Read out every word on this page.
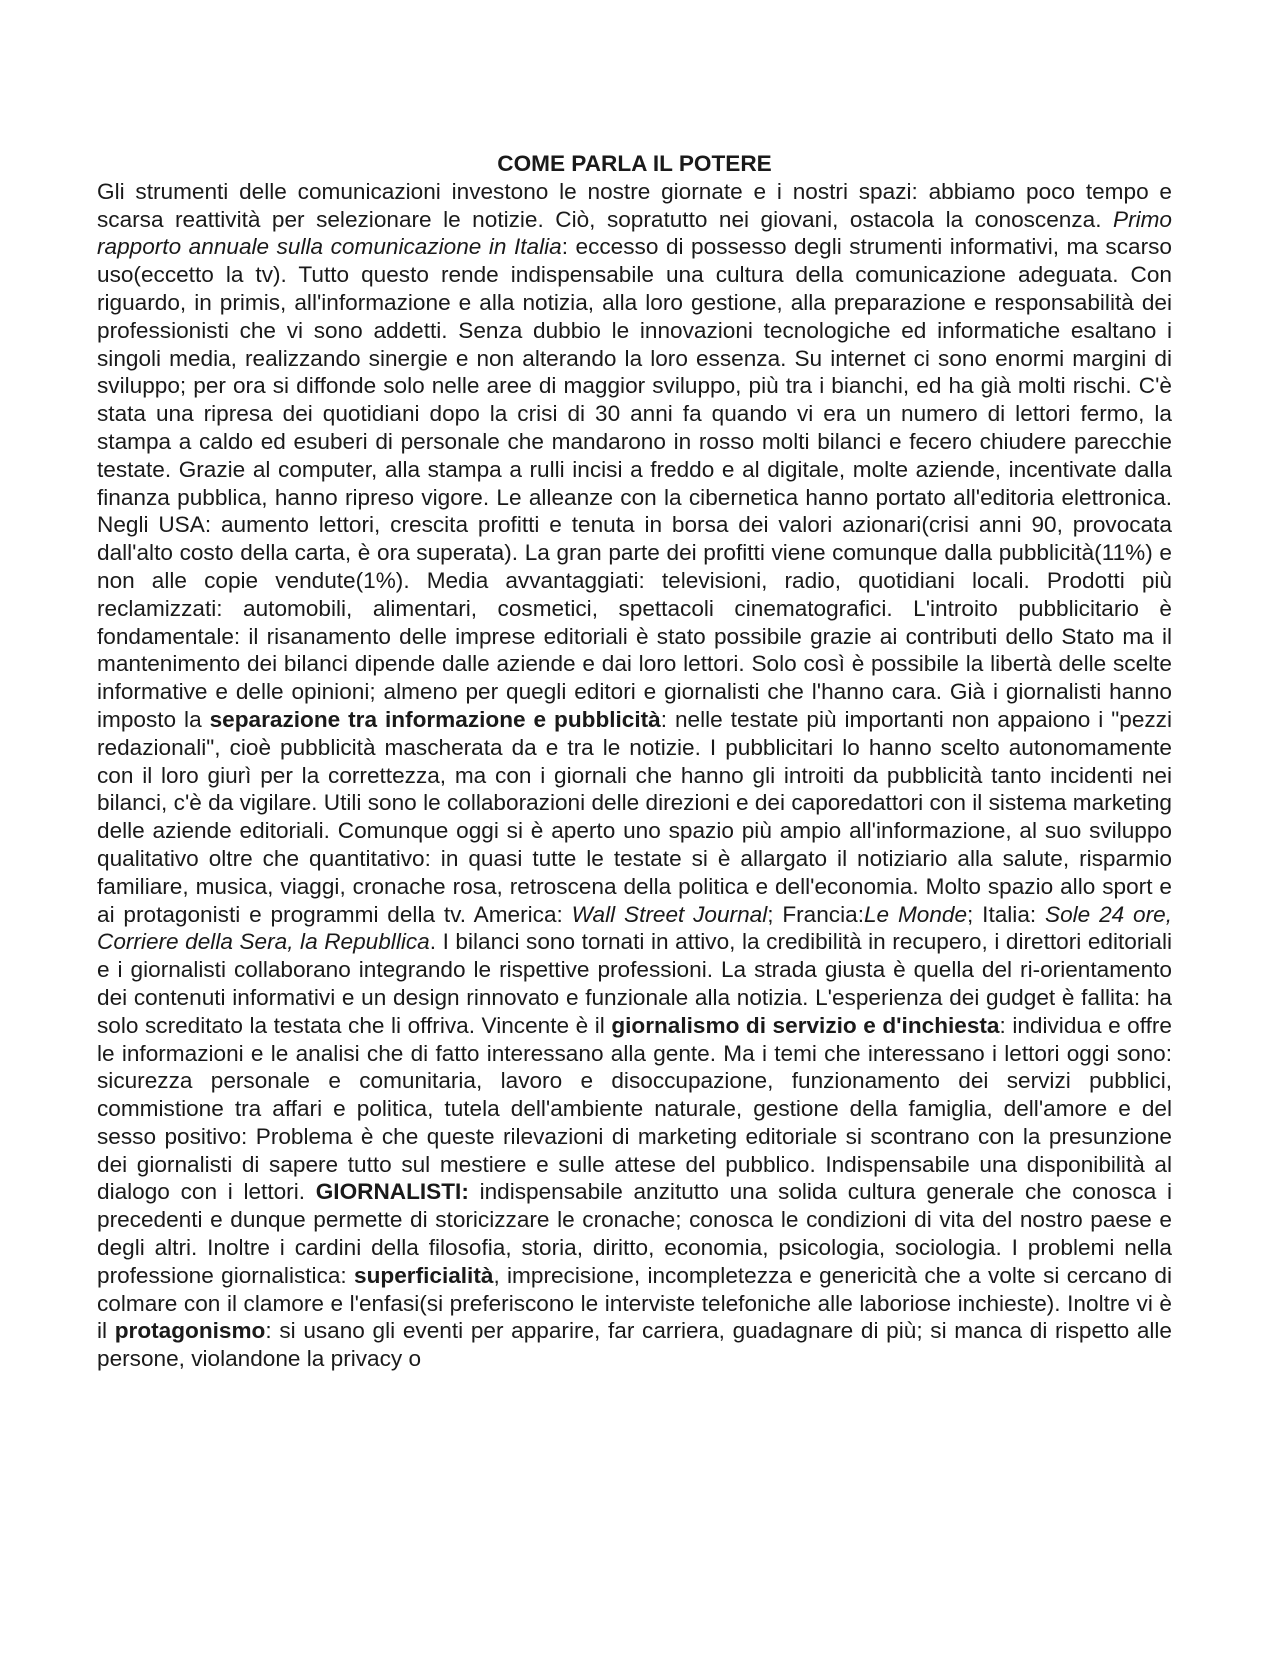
COME PARLA IL POTERE

Gli strumenti delle comunicazioni investono le nostre giornate e i nostri spazi: abbiamo poco tempo e scarsa reattività per selezionare le notizie. Ciò, sopratutto nei giovani, ostacola la conoscenza. Primo rapporto annuale sulla comunicazione in Italia: eccesso di possesso degli strumenti informativi, ma scarso uso(eccetto la tv). Tutto questo rende indispensabile una cultura della comunicazione adeguata. Con riguardo, in primis, all'informazione e alla notizia, alla loro gestione, alla preparazione e responsabilità dei professionisti che vi sono addetti. Senza dubbio le innovazioni tecnologiche ed informatiche esaltano i singoli media, realizzando sinergie e non alterando la loro essenza. Su internet ci sono enormi margini di sviluppo; per ora si diffonde solo nelle aree di maggior sviluppo, più tra i bianchi, ed ha già molti rischi. C'è stata una ripresa dei quotidiani dopo la crisi di 30 anni fa quando vi era un numero di lettori fermo, la stampa a caldo ed esuberi di personale che mandarono in rosso molti bilanci e fecero chiudere parecchie testate. Grazie al computer, alla stampa a rulli incisi a freddo e al digitale, molte aziende, incentivate dalla finanza pubblica, hanno ripreso vigore. Le alleanze con la cibernetica hanno portato all'editoria elettronica. Negli USA: aumento lettori, crescita profitti e tenuta in borsa dei valori azionari(crisi anni 90, provocata dall'alto costo della carta, è ora superata). La gran parte dei profitti viene comunque dalla pubblicità(11%) e non alle copie vendute(1%). Media avvantaggiati: televisioni, radio, quotidiani locali. Prodotti più reclamizzati: automobili, alimentari, cosmetici, spettacoli cinematografici. L'introito pubblicitario è fondamentale: il risanamento delle imprese editoriali è stato possibile grazie ai contributi dello Stato ma il mantenimento dei bilanci dipende dalle aziende e dai loro lettori. Solo così è possibile la libertà delle scelte informative e delle opinioni; almeno per quegli editori e giornalisti che l'hanno cara. Già i giornalisti hanno imposto la separazione tra informazione e pubblicità: nelle testate più importanti non appaiono i "pezzi redazionali", cioè pubblicità mascherata da e tra le notizie. I pubblicitari lo hanno scelto autonomamente con il loro giurì per la correttezza, ma con i giornali che hanno gli introiti da pubblicità tanto incidenti nei bilanci, c'è da vigilare. Utili sono le collaborazioni delle direzioni e dei caporedattori con il sistema marketing delle aziende editoriali. Comunque oggi si è aperto uno spazio più ampio all'informazione, al suo sviluppo qualitativo oltre che quantitativo: in quasi tutte le testate si è allargato il notiziario alla salute, risparmio familiare, musica, viaggi, cronache rosa, retroscena della politica e dell'economia. Molto spazio allo sport e ai protagonisti e programmi della tv. America: Wall Street Journal; Francia:Le Monde; Italia: Sole 24 ore, Corriere della Sera, la Republlica. I bilanci sono tornati in attivo, la credibilità in recupero, i direttori editoriali e i giornalisti collaborano integrando le rispettive professioni. La strada giusta è quella del ri-orientamento dei contenuti informativi e un design rinnovato e funzionale alla notizia. L'esperienza dei gudget è fallita: ha solo screditato la testata che li offriva. Vincente è il giornalismo di servizio e d'inchiesta: individua e offre le informazioni e le analisi che di fatto interessano alla gente. Ma i temi che interessano i lettori oggi sono: sicurezza personale e comunitaria, lavoro e disoccupazione, funzionamento dei servizi pubblici, commistione tra affari e politica, tutela dell'ambiente naturale, gestione della famiglia, dell'amore e del sesso positivo: Problema è che queste rilevazioni di marketing editoriale si scontrano con la presunzione dei giornalisti di sapere tutto sul mestiere e sulle attese del pubblico. Indispensabile una disponibilità al dialogo con i lettori. GIORNALISTI: indispensabile anzitutto una solida cultura generale che conosca i precedenti e dunque permette di storicizzare le cronache; conosca le condizioni di vita del nostro paese e degli altri. Inoltre i cardini della filosofia, storia, diritto, economia, psicologia, sociologia. I problemi nella professione giornalistica: superficialità, imprecisione, incompletezza e genericità che a volte si cercano di colmare con il clamore e l'enfasi(si preferiscono le interviste telefoniche alle laboriose inchieste). Inoltre vi è il protagonismo: si usano gli eventi per apparire, far carriera, guadagnare di più; si manca di rispetto alle persone, violandone la privacy o
